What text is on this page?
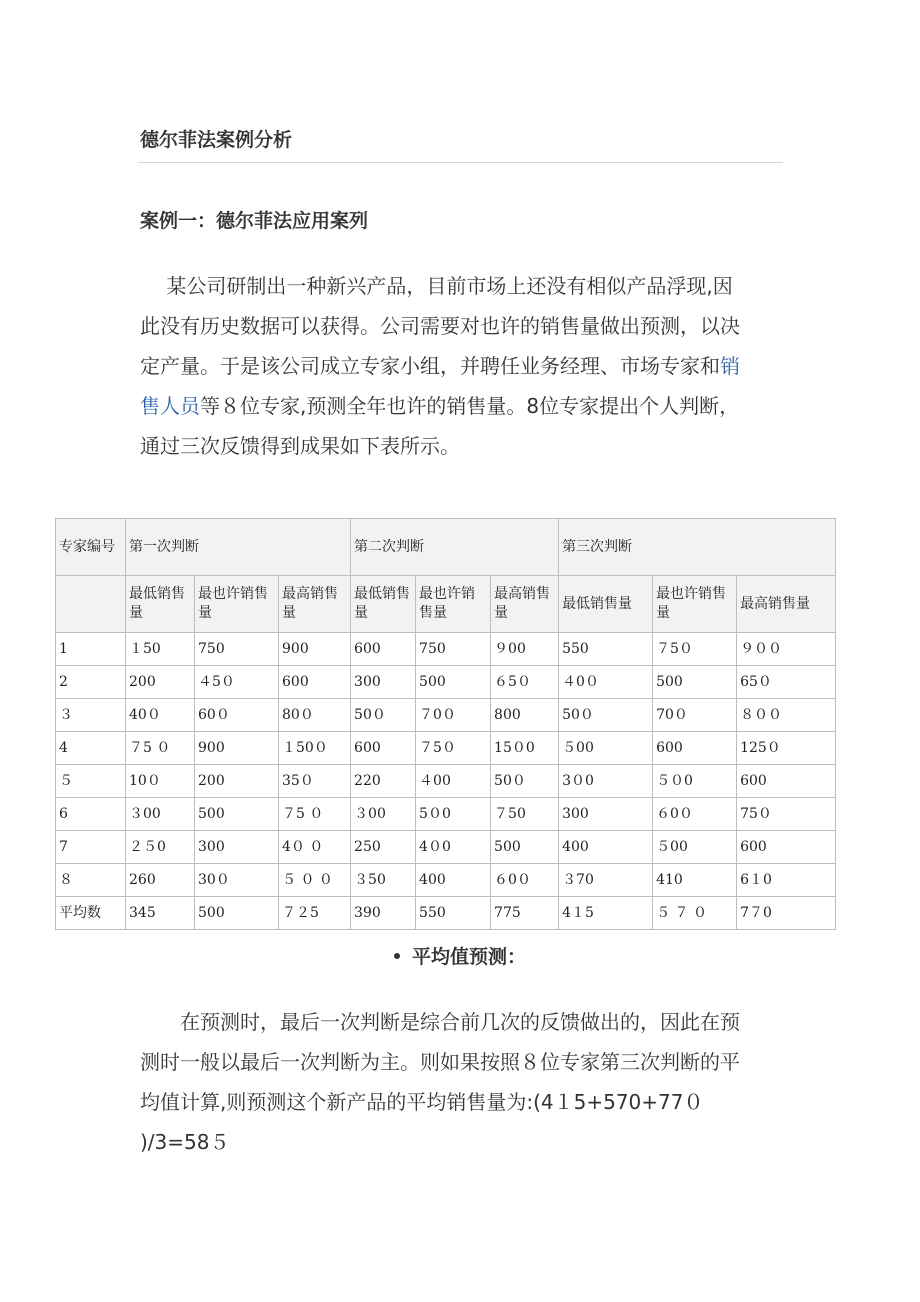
德尔菲法案例分析
案例一：德尔菲法应用案列
　 某公司研制出一种新兴产品，目前市场上还没有相似产品浮现,因
此没有历史数据可以获得。公司需要对也许的销售量做出预测，以决
定产量。于是该公司成立专家小组，并聘任业务经理、市场专家和销
售人员等８位专家,预测全年也许的销售量。8位专家提出个人判断，
通过三次反馈得到成果如下表所示。
专家编号	第一次判断			第二次判断			第三次判断		
	最低销售量	最也许销售量	最高销售量	最低销售量	最也许销售量	最高销售量	最低销售量	最也许销售量	最高销售量
1	１50	750	900	600	750	９00	550	７5０	９００
2	200	４5０	600	300	500	６5０	４0０	500	65０
３	40０	60０	80０	50０	７0０	800	50０	70０	８００
4	７5 ０	900	１50０	600	７5０	15０0	５00	600	125０
５	10０	200	35０	220	４00	50０	3０0	５０0	600
6	３00	500	７5 ０	３00	5０0	７50	300	６0０	75０
7	２５0	300	4０ ０	250	4０0	500	400	５00	600
８	260	30０	５ ０ ０	３50	400	６0０	３70	410	6１0
平均数	345	500	７２5	390	550	775	4１5	５ ７ ０	7７0
平均值预测：
　　在预测时，最后一次判断是综合前几次的反馈做出的，因此在预
测时一般以最后一次判断为主。则如果按照８位专家第三次判断的平
均值计算,则预测这个新产品的平均销售量为:(4１5+570+77０
)/3=58５
